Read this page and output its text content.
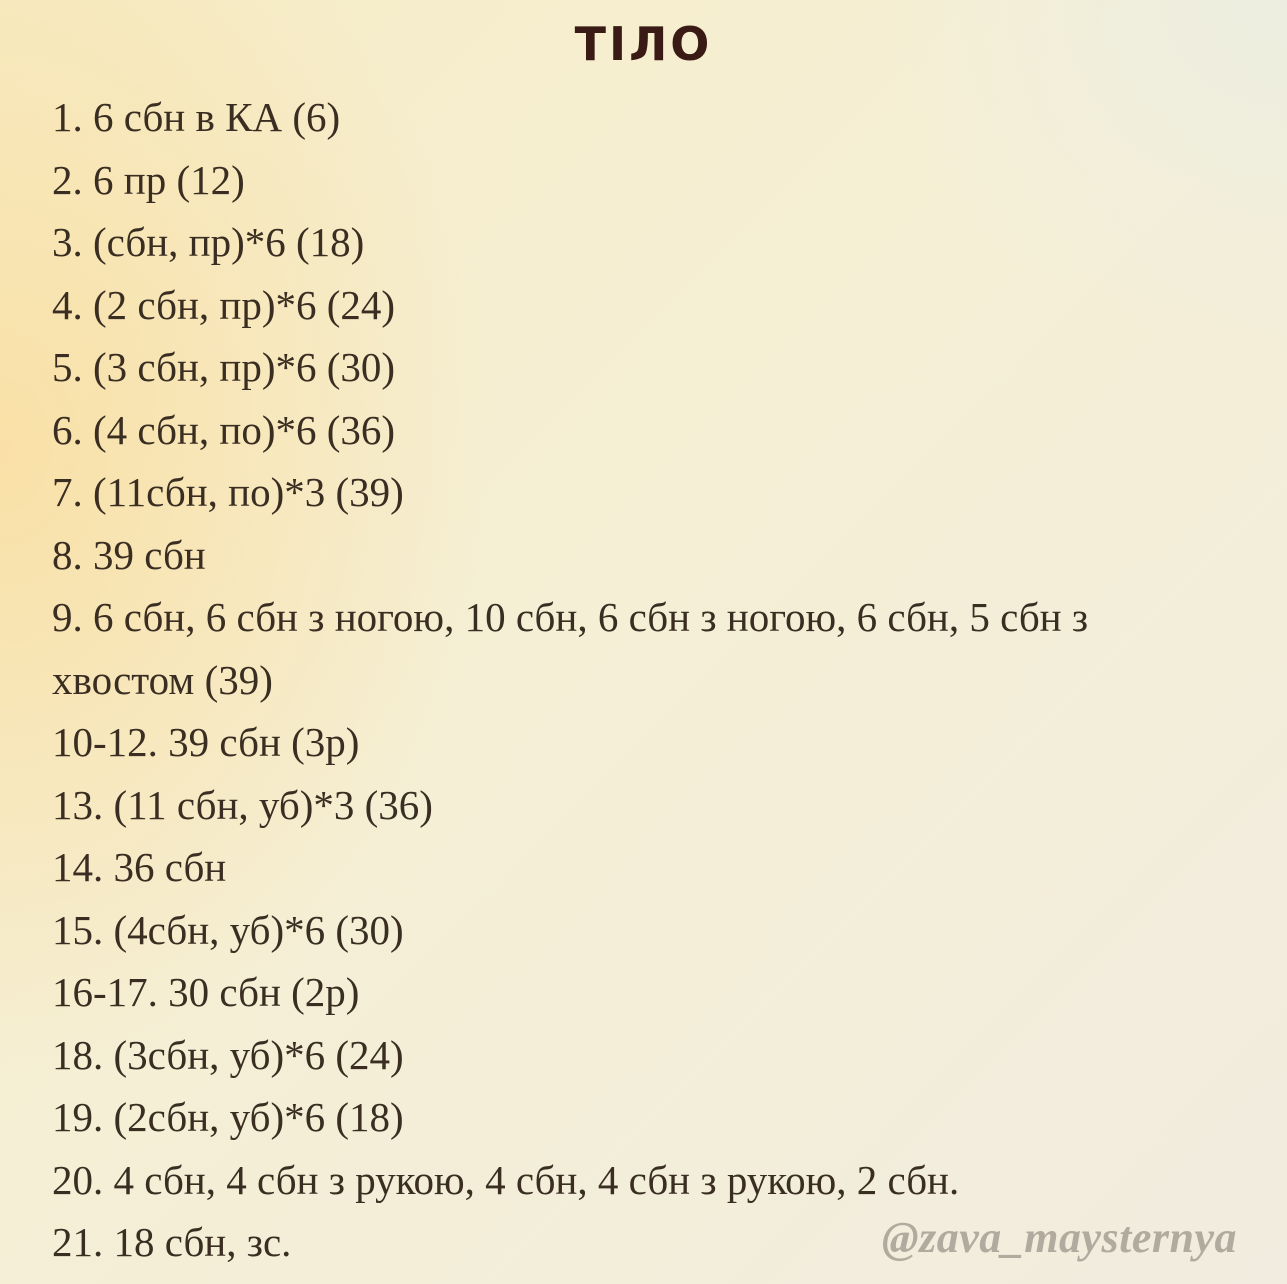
ТІЛО
1. 6 сбн в КА (6)
2. 6 пр (12)
3. (сбн, пр)*6 (18)
4. (2 сбн, пр)*6 (24)
5. (3 сбн, пр)*6 (30)
6. (4 сбн, по)*6 (36)
7. (11сбн, по)*3 (39)
8. 39 сбн
9. 6 сбн, 6 сбн з ногою, 10 сбн, 6 сбн з ногою, 6 сбн, 5 сбн з
хвостом (39)
10-12. 39 сбн (3р)
13. (11 сбн, уб)*3 (36)
14. 36 сбн
15. (4сбн, уб)*6 (30)
16-17. 30 сбн (2р)
18. (3сбн, уб)*6 (24)
19. (2сбн, уб)*6 (18)
20. 4 сбн, 4 сбн з рукою, 4 сбн, 4 сбн з рукою, 2 сбн.
21. 18 сбн, зс.	@zava_maysternya
